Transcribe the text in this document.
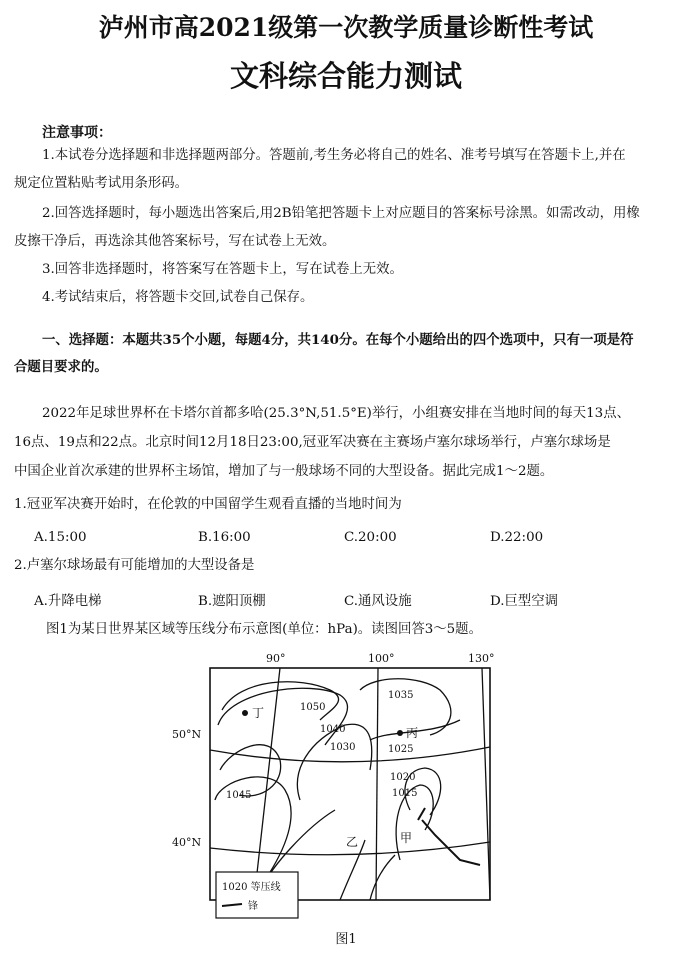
泸州市高2021级第一次教学质量诊断性考试
文科综合能力测试
注意事项：
1.本试卷分选择题和非选择题两部分。答题前,考生务必将自己的姓名、准考号填写在答题卡上,并在
规定位置粘贴考试用条形码。
2.回答选择题时，每小题选出答案后,用2B铅笔把答题卡上对应题目的答案标号涂黑。如需改动，用橡
皮擦干净后，再选涂其他答案标号，写在试卷上无效。
3.回答非选择题时，将答案写在答题卡上，写在试卷上无效。
4.考试结束后，将答题卡交回,试卷自己保存。
一、选择题：本题共35个小题，每题4分，共140分。在每个小题给出的四个选项中，只有一项是符
合题目要求的。
2022年足球世界杯在卡塔尔首都多哈(25.3°N,51.5°E)举行，小组赛安排在当地时间的每天13点、
16点、19点和22点。北京时间12月18日23:00,冠亚军决赛在主赛场卢塞尔球场举行，卢塞尔球场是
中国企业首次承建的世界杯主场馆，增加了与一般球场不同的大型设备。据此完成1～2题。
1.冠亚军决赛开始时，在伦敦的中国留学生观看直播的当地时间为
A.15:00	B.16:00	C.20:00	D.22:00
2.卢塞尔球场最有可能增加的大型设备是
A.升降电梯	B.遮阳顶棚	C.通风设施	D.巨型空调
图1为某日世界某区域等压线分布示意图(单位：hPa)。读图回答3～5题。
90°	100°	130°
50°N
40°N
1050
1040
1030
1045
1035
1025
1020
1015
丁
丙
乙	甲
1020 等压线
锋
图1
